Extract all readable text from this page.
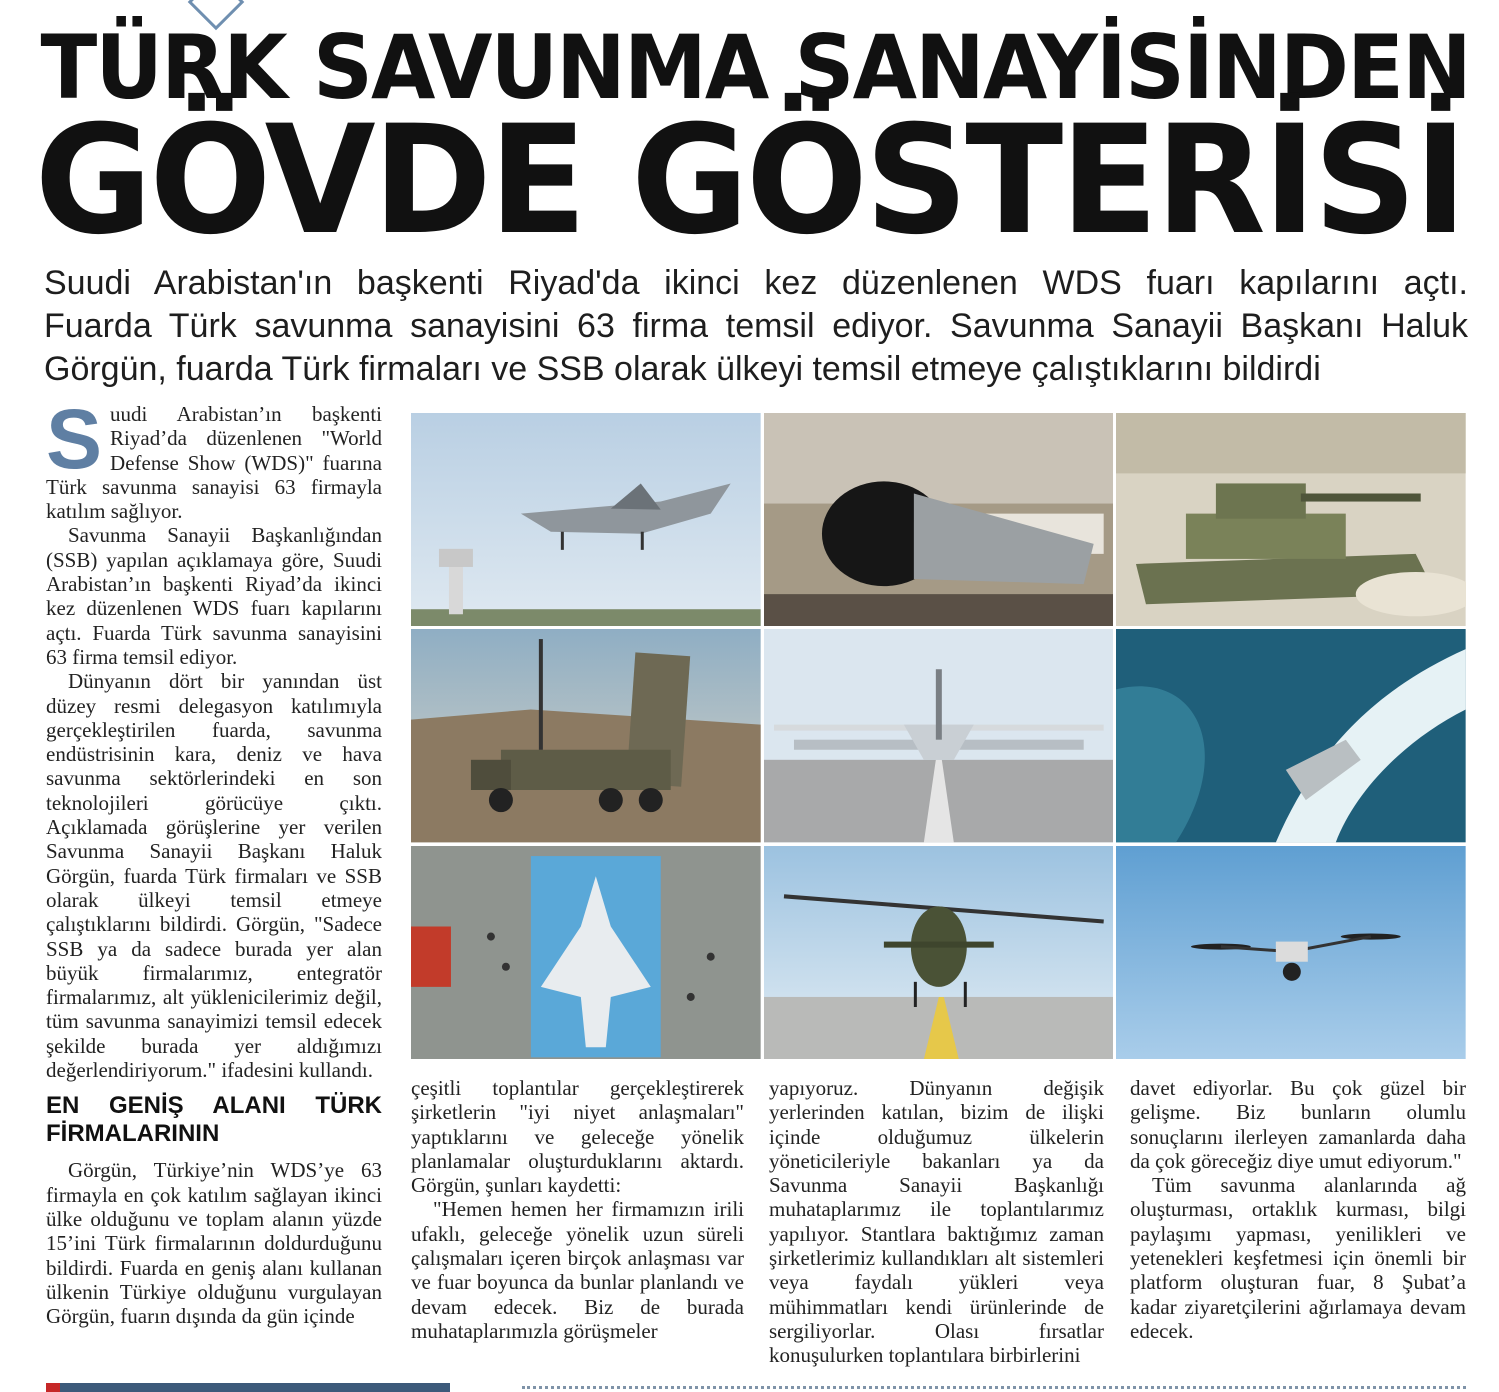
TÜRK SAVUNMA SANAYİSİNDEN
GÖVDE GÖSTERİSİ
Suudi Arabistan'ın başkenti Riyad'da ikinci kez düzenlenen WDS fuarı kapılarını açtı.
Fuarda Türk savunma sanayisini 63 firma temsil ediyor. Savunma Sanayii Başkanı Haluk
Görgün, fuarda Türk firmaları ve SSB olarak ülkeyi temsil etmeye çalıştıklarını bildirdi

Suudi Arabistan’ın başkenti Riyad’da düzenlenen "World Defense Show (WDS)" fuarına Türk savunma sanayisi 63 firmayla katılım sağlıyor.

Savunma Sanayii Başkanlığından (SSB) yapılan açıklamaya göre, Suudi Arabistan’ın başkenti Riyad’da ikinci kez düzenlenen WDS fuarı kapılarını açtı. Fuarda Türk savunma sanayisini 63 firma temsil ediyor.

Dünyanın dört bir yanından üst düzey resmi delegasyon katılımıyla gerçekleştirilen fuarda, savunma endüstrisinin kara, deniz ve hava savunma sektörlerindeki en son teknolojileri görücüye çıktı. Açıklamada görüşlerine yer verilen Savunma Sanayii Başkanı Haluk Görgün, fuarda Türk firmaları ve SSB olarak ülkeyi temsil etmeye çalıştıklarını bildirdi. Görgün, "Sadece SSB ya da sadece burada yer alan büyük firmalarımız, entegratör firmalarımız, alt yüklenicilerimiz değil, tüm savunma sanayimizi temsil edecek şekilde burada yer aldığımızı değerlendiriyorum." ifadesini kullandı.

EN GENİŞ ALANI TÜRK FİRMALARININ

Görgün, Türkiye’nin WDS’ye 63 firmayla en çok katılım sağlayan ikinci ülke olduğunu ve toplam alanın yüzde 15’ini Türk firmalarının doldurduğunu bildirdi. Fuarda en geniş alanı kullanan ülkenin Türkiye olduğunu vurgulayan Görgün, fuarın dışında da gün içinde

çeşitli toplantılar gerçekleştirerek şirketlerin "iyi niyet anlaşmaları" yaptıklarını ve geleceğe yönelik planlamalar oluşturduklarını aktardı. Görgün, şunları kaydetti:

"Hemen hemen her firmamızın irili ufaklı, geleceğe yönelik uzun süreli çalışmaları içeren birçok anlaşması var ve fuar boyunca da bunlar planlandı ve devam edecek. Biz de burada muhataplarımızla görüşmeler

yapıyoruz. Dünyanın değişik yerlerinden katılan, bizim de ilişki içinde olduğumuz ülkelerin yöneticileriyle bakanları ya da Savunma Sanayii Başkanlığı muhataplarımız ile toplantılarımız yapılıyor. Stantlara baktığımız zaman şirketlerimiz kullandıkları alt sistemleri veya faydalı yükleri veya mühimmatları kendi ürünlerinde de sergiliyorlar. Olası fırsatlar konuşulurken toplantılara birbirlerini

davet ediyorlar. Bu çok güzel bir gelişme. Biz bunların olumlu sonuçlarını ilerleyen zamanlarda daha da çok göreceğiz diye umut ediyorum."

Tüm savunma alanlarında ağ oluşturması, ortaklık kurması, bilgi paylaşımı yapması, yenilikleri ve yetenekleri keşfetmesi için önemli bir platform oluşturan fuar, 8 Şubat’a kadar ziyaretçilerini ağırlamaya devam edecek.
